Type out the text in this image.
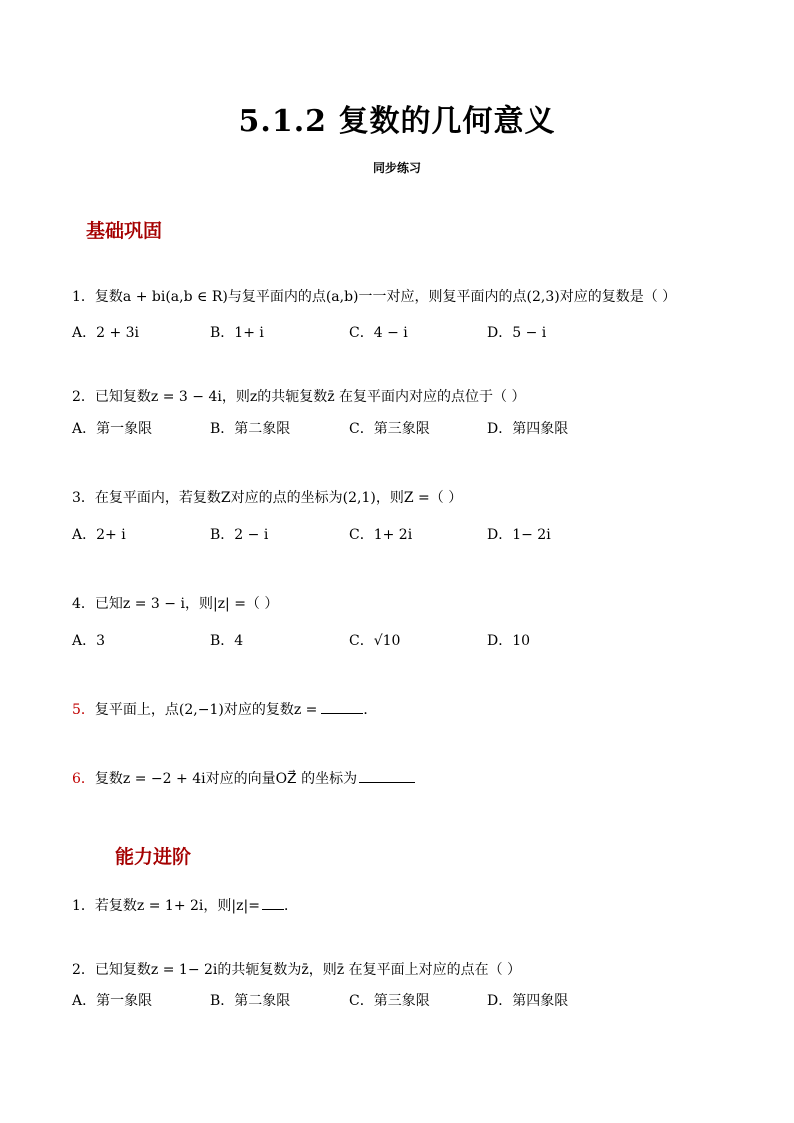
5.1.2 复数的几何意义
同步练习
基础巩固
1．复数a + bi(a,b ∈ R)与复平面内的点(a,b)一一对应，则复平面内的点(2,3)对应的复数是（ ）
A．2 + 3i	B．1+ i	C．4 − i	D．5 − i
2．已知复数z = 3 − 4i，则z的共轭复数z̄ 在复平面内对应的点位于（ ）
A．第一象限	B．第二象限	C．第三象限	D．第四象限
3．在复平面内，若复数Z对应的点的坐标为(2,1)，则Z =（ ）
A．2+ i	B．2 − i	C．1+ 2i	D．1− 2i
4．已知z = 3 − i，则|z| =（ ）
A．3	B．4	C．√10	D．10
5．复平面上，点(2,−1)对应的复数z =	．
6．复数z = −2 + 4i对应的向量OZ⃗ 的坐标为
能力进阶
1．若复数z = 1+ 2i，则|z|= ．
2．已知复数z = 1− 2i的共轭复数为z̄，则z̄ 在复平面上对应的点在（ ）
A．第一象限	B．第二象限	C．第三象限	D．第四象限
